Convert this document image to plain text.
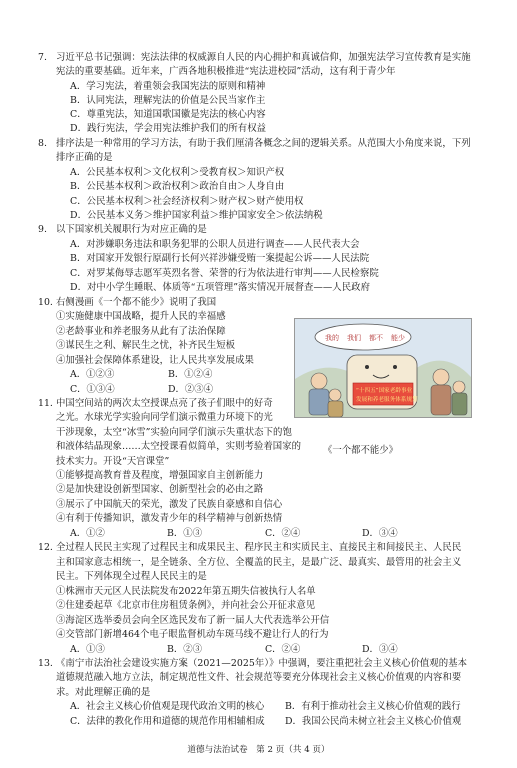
7. 习近平总书记强调：宪法法律的权威源自人民的内心拥护和真诚信仰，加强宪法学习宣传教育是实施
宪法的重要基础。近年来，广西各地积极推进“宪法进校园”活动，这有利于青少年
A．学习宪法，着重领会我国宪法的原则和精神
B．认同宪法，理解宪法的价值是公民当家作主
C．尊重宪法，知道国歌国徽是宪法的核心内容
D．践行宪法，学会用宪法维护我们的所有权益
8. 排序法是一种常用的学习方法，有助于我们厘清各概念之间的逻辑关系。从范围大小角度来说，下列
排序正确的是
A．公民基本权利＞文化权利＞受教育权＞知识产权
B．公民基本权利＞政治权利＞政治自由＞人身自由
C．公民基本权利＞社会经济权利＞财产权＞财产使用权
D．公民基本义务＞维护国家利益＞维护国家安全＞依法纳税
9. 以下国家机关履职行为对应正确的是
A．对涉嫌职务违法和职务犯罪的公职人员进行调查——人民代表大会
B．对国家开发银行原副行长何兴祥涉嫌受贿一案提起公诉——人民法院
C．对罗某侮辱志愿军英烈名誉、荣誉的行为依法进行审判——人民检察院
D．对中小学生睡眠、体质等“五项管理”落实情况开展督查——人民政府
10. 右侧漫画《一个都不能少》说明了我国
①实施健康中国战略，提升人民的幸福感
②老龄事业和养老服务从此有了法治保障
③谋民生之利、解民生之忧，补齐民生短板
④加强社会保障体系建设，让人民共享发展成果
A．①②③	B．①②④
C．①③④	D．②③④
我的 我们 都不 能少
“十四五”国家老龄事业
发展和养老服务体系规划
11. 中国空间站的两次太空授课点亮了孩子们眼中的好奇
之光。水球光学实验向同学们演示微重力环境下的光
干涉现象，太空“冰雪”实验向同学们演示失重状态下的饱
和液体结晶现象……太空授课看似简单，实则考验着国家的	《一个都不能少》
技术实力。开设“天宫课堂”
①能够提高教育普及程度，增强国家自主创新能力
②是加快建设创新型国家、创新型社会的必由之路
③展示了中国航天的荣光，激发了民族自豪感和自信心
④有利于传播知识，激发青少年的科学精神与创新热情
A．①②	B．①③	C．②④	D．③④
12. 全过程人民民主实现了过程民主和成果民主、程序民主和实质民主、直接民主和间接民主、人民民
主和国家意志相统一，是全链条、全方位、全覆盖的民主，是最广泛、最真实、最管用的社会主义
民主。下列体现全过程人民民主的是
①株洲市天元区人民法院发布2022年第五期失信被执行人名单
②住建委起草《北京市住房租赁条例》，并向社会公开征求意见
③海淀区选举委员会向全区选民发布了新一届人大代表选举公开信
④交管部门新增464个电子眼监督机动车斑马线不避让行人的行为
A．①③	B．②③	C．②④	D．③④
13. 《南宁市法治社会建设实施方案（2021—2025年）》中强调，要注重把社会主义核心价值观的基本
道德规范融入地方立法，制定规范性文件、社会规范等要充分体现社会主义核心价值观的内容和要
求。对此理解正确的是
A．社会主义核心价值观是现代政治文明的核心 B．有利于推动社会主义核心价值观的践行
C．法律的教化作用和道德的规范作用相辅相成 D．我国公民尚未树立社会主义核心价值观
道德与法治试卷　第 2 页（共 4 页）
